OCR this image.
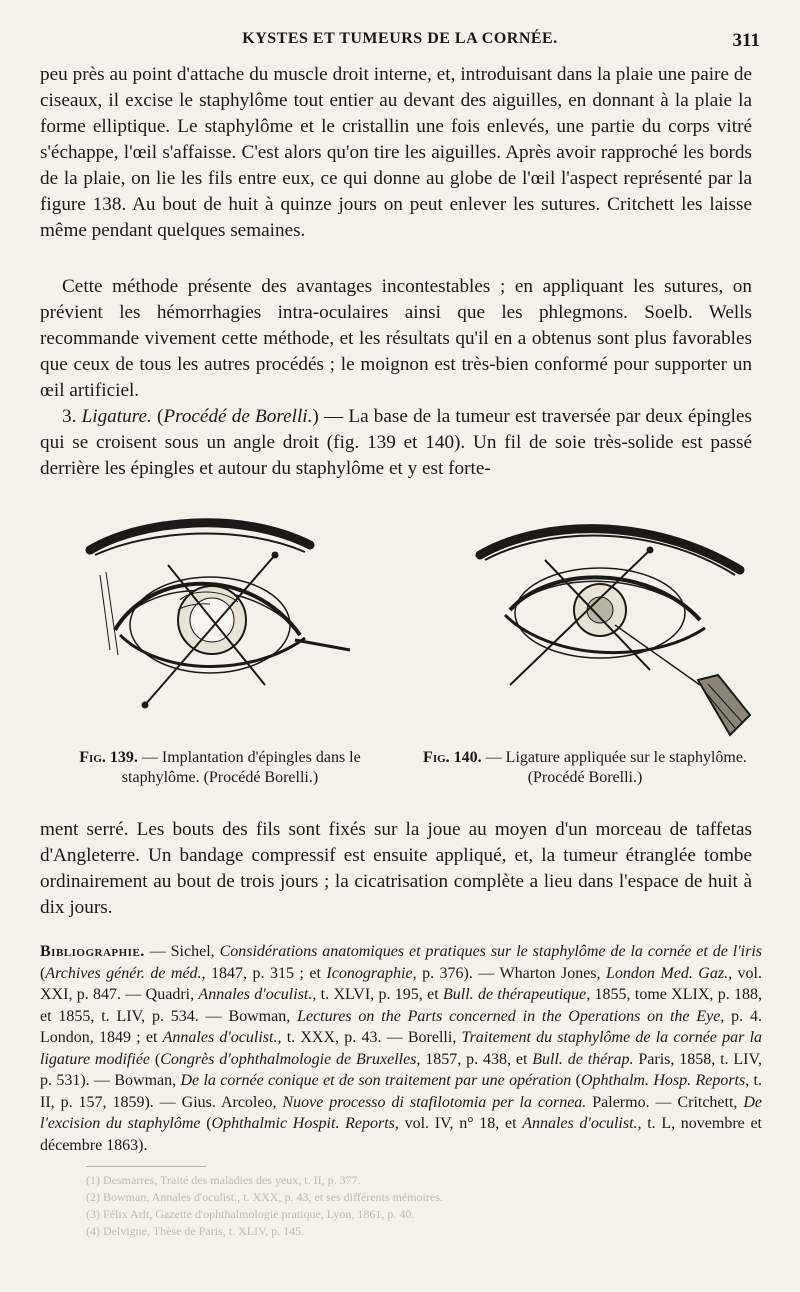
KYSTES ET TUMEURS DE LA CORNÉE.	311

peu près au point d'attache du muscle droit interne, et, introduisant dans la plaie une paire de ciseaux, il excise le staphylôme tout entier au devant des aiguilles, en donnant à la plaie la forme elliptique. Le staphylôme et le cristallin une fois enlevés, une partie du corps vitré s'échappe, l'œil s'affaisse. C'est alors qu'on tire les aiguilles. Après avoir rapproché les bords de la plaie, on lie les fils entre eux, ce qui donne au globe de l'œil l'aspect représenté par la figure 138. Au bout de huit à quinze jours on peut enlever les sutures. Critchett les laisse même pendant quelques semaines.

Cette méthode présente des avantages incontestables ; en appliquant les sutures, on prévient les hémorrhagies intra-oculaires ainsi que les phlegmons. Soelb. Wells recommande vivement cette méthode, et les résultats qu'il en a obtenus sont plus favorables que ceux de tous les autres procédés ; le moignon est très-bien conformé pour supporter un œil artificiel.

3. Ligature. (Procédé de Borelli.) — La base de la tumeur est traversée par deux épingles qui se croisent sous un angle droit (fig. 139 et 140). Un fil de soie très-solide est passé derrière les épingles et autour du staphylôme et y est forte-

Fig. 139. — Implantation d'épingles dans le staphylôme. (Procédé Borelli.)
Fig. 140. — Ligature appliquée sur le staphylôme. (Procédé Borelli.)

ment serré. Les bouts des fils sont fixés sur la joue au moyen d'un morceau de taffetas d'Angleterre. Un bandage compressif est ensuite appliqué, et, la tumeur étranglée tombe ordinairement au bout de trois jours ; la cicatrisation complète a lieu dans l'espace de huit à dix jours.

Bibliographie. — Sichel, Considérations anatomiques et pratiques sur le staphylôme de la cornée et de l'iris (Archives génér. de méd., 1847, p. 315 ; et Iconographie, p. 376). — Wharton Jones, London Med. Gaz., vol. XXI, p. 847. — Quadri, Annales d'oculist., t. XLVI, p. 195, et Bull. de thérapeutique, 1855, tome XLIX, p. 188, et 1855, t. LIV, p. 534. — Bowman, Lectures on the Parts concerned in the Operations on the Eye, p. 4. London, 1849 ; et Annales d'oculist., t. XXX, p. 43. — Borelli, Traitement du staphylôme de la cornée par la ligature modifiée (Congrès d'ophthalmologie de Bruxelles, 1857, p. 438, et Bull. de thérap. Paris, 1858, t. LIV, p. 531). — Bowman, De la cornée conique et de son traitement par une opération (Ophthalm. Hosp. Reports, t. II, p. 157, 1859). — Gius. Arcoleo, Nuove processo di stafilotomia per la cornea. Palermo. — Critchett, De l'excision du staphylôme (Ophthalmic Hospit. Reports, vol. IV, n° 18, et Annales d'oculist., t. L, novembre et décembre 1863).
(1) Desmarres, Traité des maladies des yeux, t. II, p. 377.
(2) Bowman, Annales d'oculist., t. XXX, p. 43, et ses différents mémoires.
(3) Félix Arlt, Gazette d'ophthalmologie pratique, Lyon, 1861, p. 40.
(4) Delvigne, Thèse de Paris, t. XLIV, p. 145.
